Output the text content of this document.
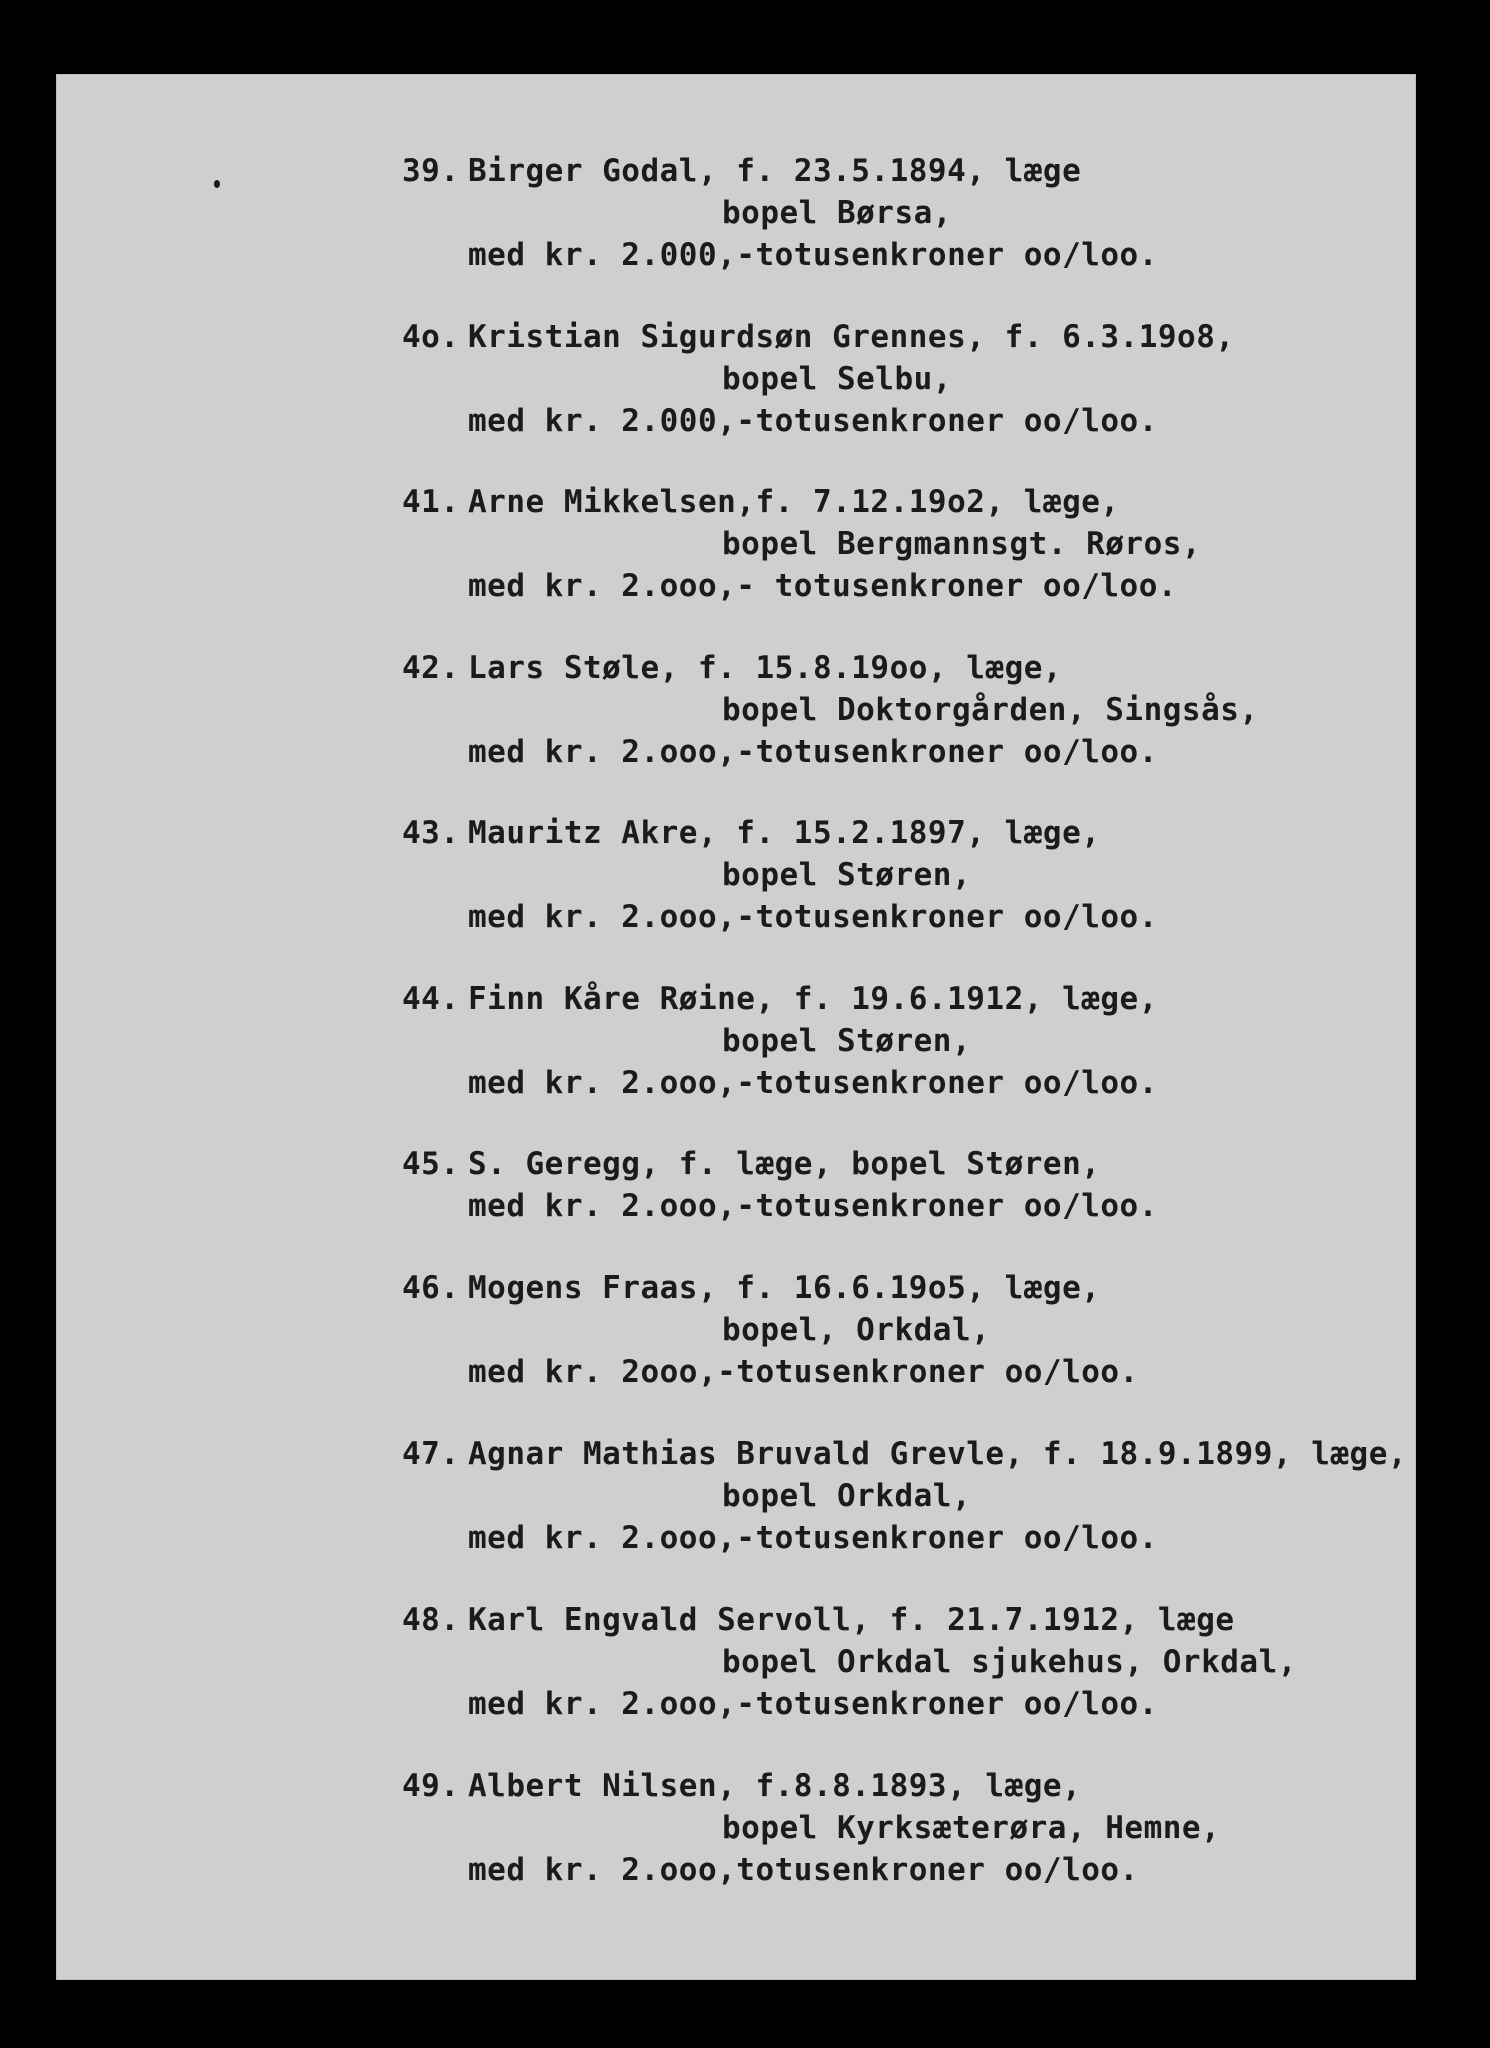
39. Birger Godal, f. 23.5.1894, læge
bopel Børsa,
med kr. 2.000,-totusenkroner oo/loo.
4o. Kristian Sigurdsøn Grennes, f. 6.3.19o8,
bopel Selbu,
med kr. 2.000,-totusenkroner oo/loo.
41. Arne Mikkelsen,f. 7.12.19o2, læge,
bopel Bergmannsgt. Røros,
med kr. 2.ooo,- totusenkroner oo/loo.
42. Lars Støle, f. 15.8.19oo, læge,
bopel Doktorgården, Singsås,
med kr. 2.ooo,-totusenkroner oo/loo.
43. Mauritz Akre, f. 15.2.1897, læge,
bopel Støren,
med kr. 2.ooo,-totusenkroner oo/loo.
44. Finn Kåre Røine, f. 19.6.1912, læge,
bopel Støren,
med kr. 2.ooo,-totusenkroner oo/loo.
45. S. Geregg, f. læge, bopel Støren,
med kr. 2.ooo,-totusenkroner oo/loo.
46. Mogens Fraas, f. 16.6.19o5, læge,
bopel, Orkdal,
med kr. 2ooo,-totusenkroner oo/loo.
47. Agnar Mathias Bruvald Grevle, f. 18.9.1899, læge,
bopel Orkdal,
med kr. 2.ooo,-totusenkroner oo/loo.
48. Karl Engvald Servoll, f. 21.7.1912, læge
bopel Orkdal sjukehus, Orkdal,
med kr. 2.ooo,-totusenkroner oo/loo.
49. Albert Nilsen, f.8.8.1893, læge,
bopel Kyrksæterøra, Hemne,
med kr. 2.ooo,totusenkroner oo/loo.
